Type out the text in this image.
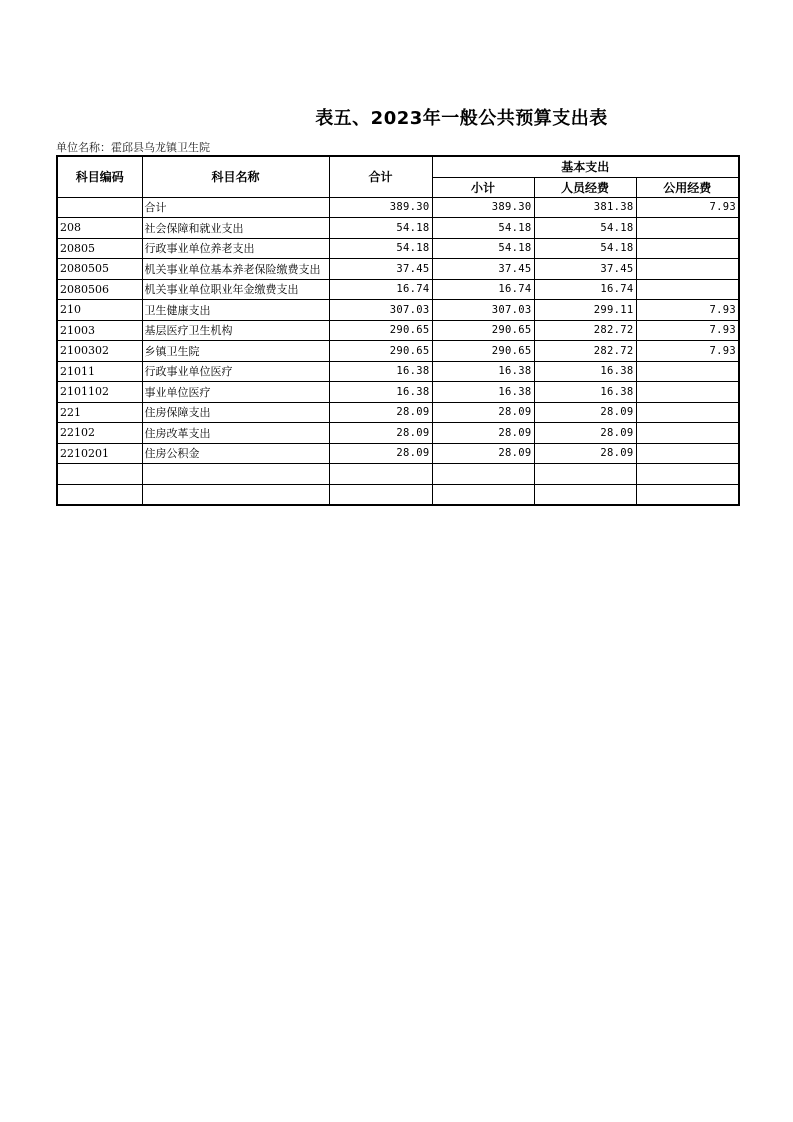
表五、2023年一般公共预算支出表
单位名称：霍邱县乌龙镇卫生院
科目编码	科目名称	合计	基本支出		
			小计	人员经费	公用经费
	合计	389.30	389.30	381.38	7.93
208	社会保障和就业支出	54.18	54.18	54.18	
20805	行政事业单位养老支出	54.18	54.18	54.18	
2080505	机关事业单位基本养老保险缴费支出	37.45	37.45	37.45	
2080506	机关事业单位职业年金缴费支出	16.74	16.74	16.74	
210	卫生健康支出	307.03	307.03	299.11	7.93
21003	基层医疗卫生机构	290.65	290.65	282.72	7.93
2100302	乡镇卫生院	290.65	290.65	282.72	7.93
21011	行政事业单位医疗	16.38	16.38	16.38	
2101102	事业单位医疗	16.38	16.38	16.38	
221	住房保障支出	28.09	28.09	28.09	
22102	住房改革支出	28.09	28.09	28.09	
2210201	住房公积金	28.09	28.09	28.09	
